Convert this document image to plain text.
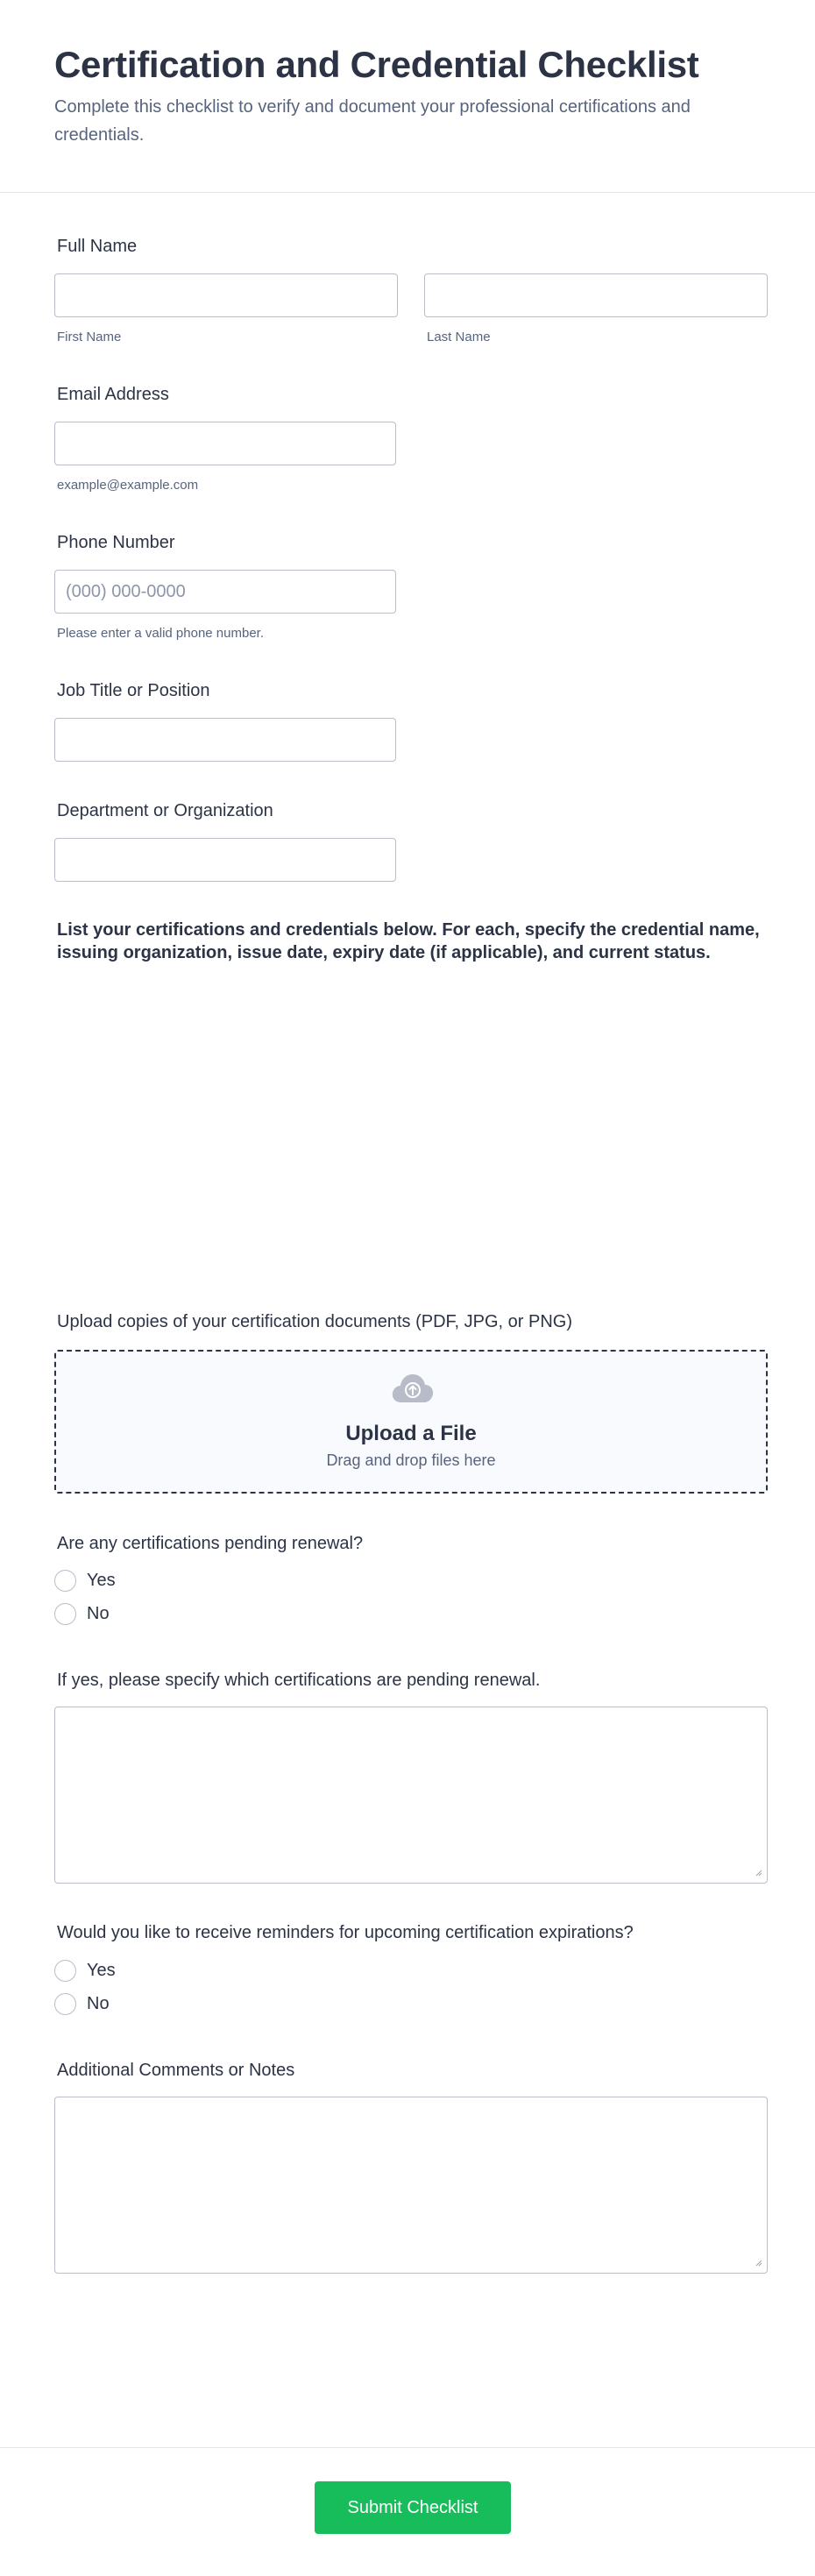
Certification and Credential Checklist

Complete this checklist to verify and document your professional certifications and credentials.

Full Name
First Name	Last Name
Email Address
example@example.com
Phone Number
(000) 000-0000
Please enter a valid phone number.
Job Title or Position
Department or Organization

List your certifications and credentials below. For each, specify the credential name, issuing organization, issue date, expiry date (if applicable), and current status.

Upload copies of your certification documents (PDF, JPG, or PNG)
Upload a File
Drag and drop files here
Are any certifications pending renewal?
Yes
No
If yes, please specify which certifications are pending renewal.
Would you like to receive reminders for upcoming certification expirations?
Yes
No
Additional Comments or Notes
Submit Checklist
